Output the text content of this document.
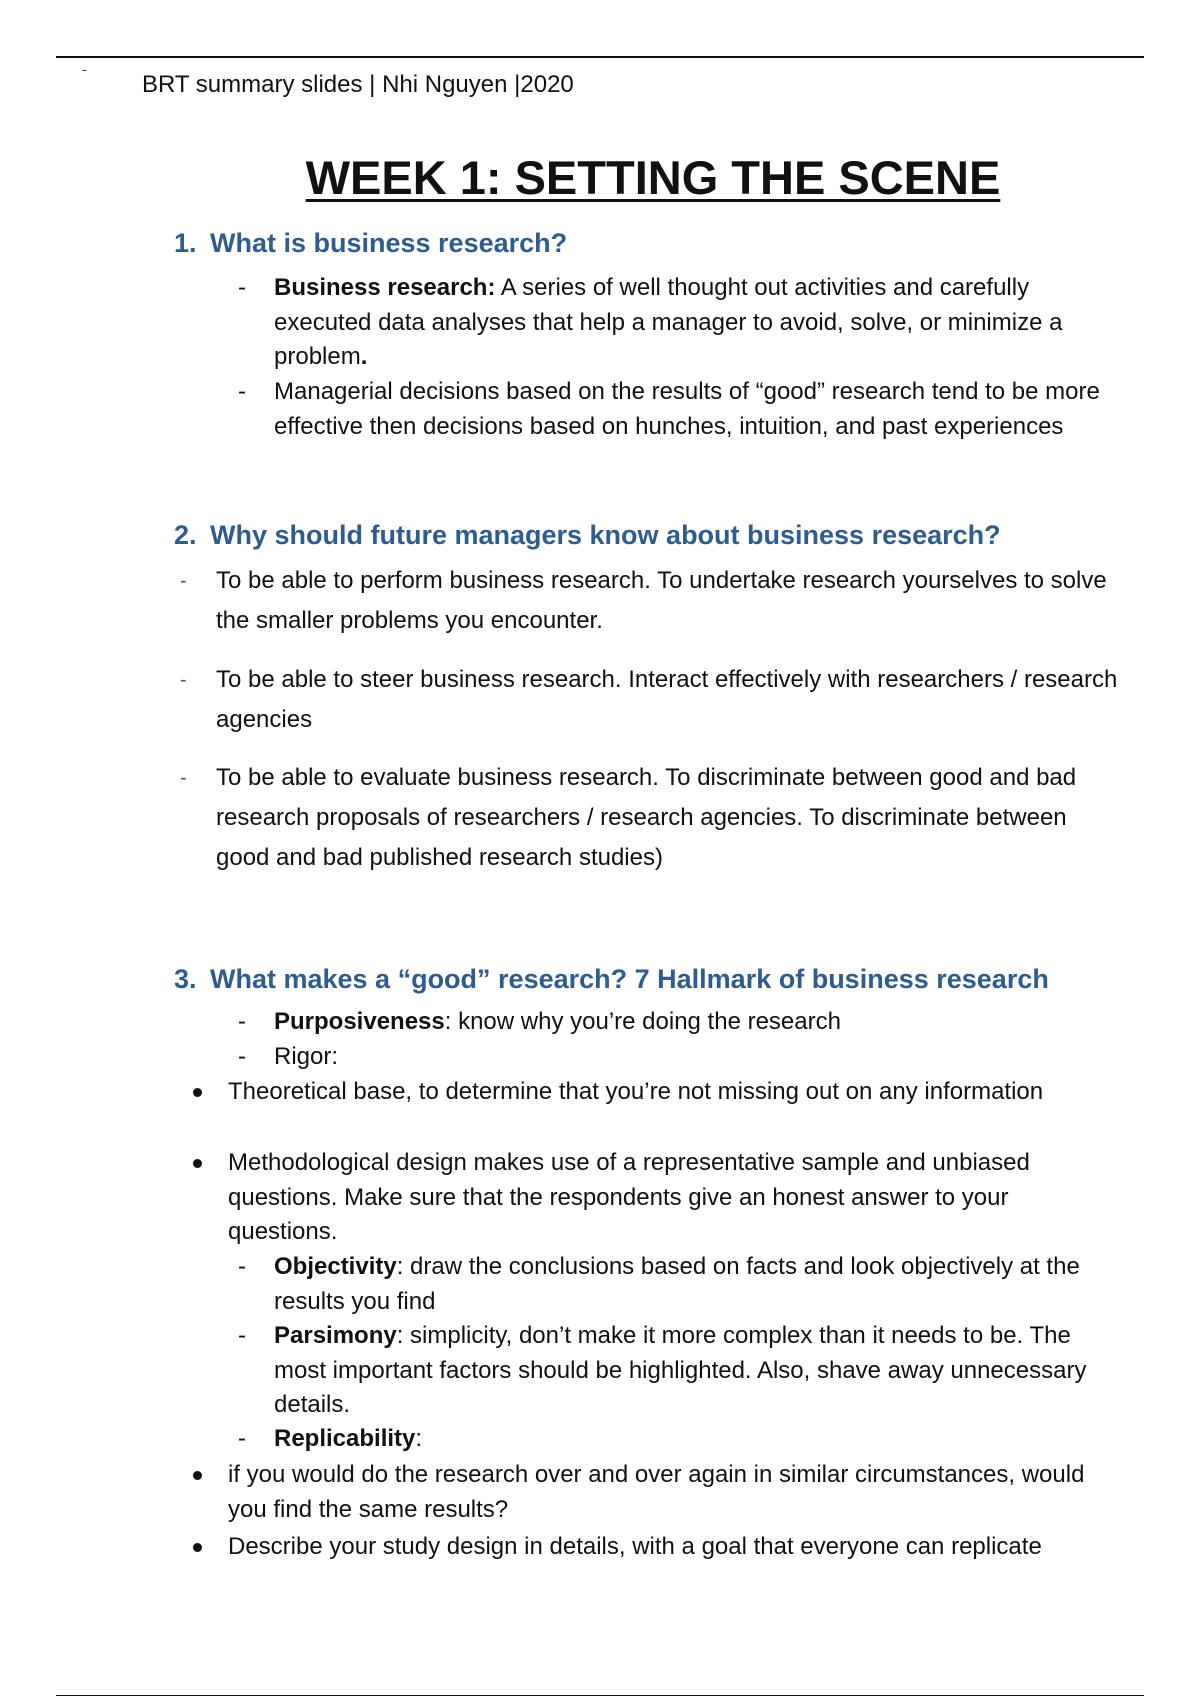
-
BRT summary slides | Nhi Nguyen |2020
WEEK 1: SETTING THE SCENE
1. What is business research?
- Business research: A series of well thought out activities and carefully executed data analyses that help a manager to avoid, solve, or minimize a problem.
- Managerial decisions based on the results of “good” research tend to be more effective then decisions based on hunches, intuition, and past experiences
2. Why should future managers know about business research?
- To be able to perform business research. To undertake research yourselves to solve the smaller problems you encounter.
- To be able to steer business research. Interact effectively with researchers / research agencies
- To be able to evaluate business research. To discriminate between good and bad research proposals of researchers / research agencies. To discriminate between good and bad published research studies)
3. What makes a “good” research? 7 Hallmark of business research
- Purposiveness: know why you’re doing the research
- Rigor:
Theoretical base, to determine that you’re not missing out on any information
Methodological design makes use of a representative sample and unbiased questions. Make sure that the respondents give an honest answer to your questions.
- Objectivity: draw the conclusions based on facts and look objectively at the results you find
- Parsimony: simplicity, don’t make it more complex than it needs to be. The most important factors should be highlighted. Also, shave away unnecessary details.
- Replicability:
if you would do the research over and over again in similar circumstances, would you find the same results?
Describe your study design in details, with a goal that everyone can replicate
